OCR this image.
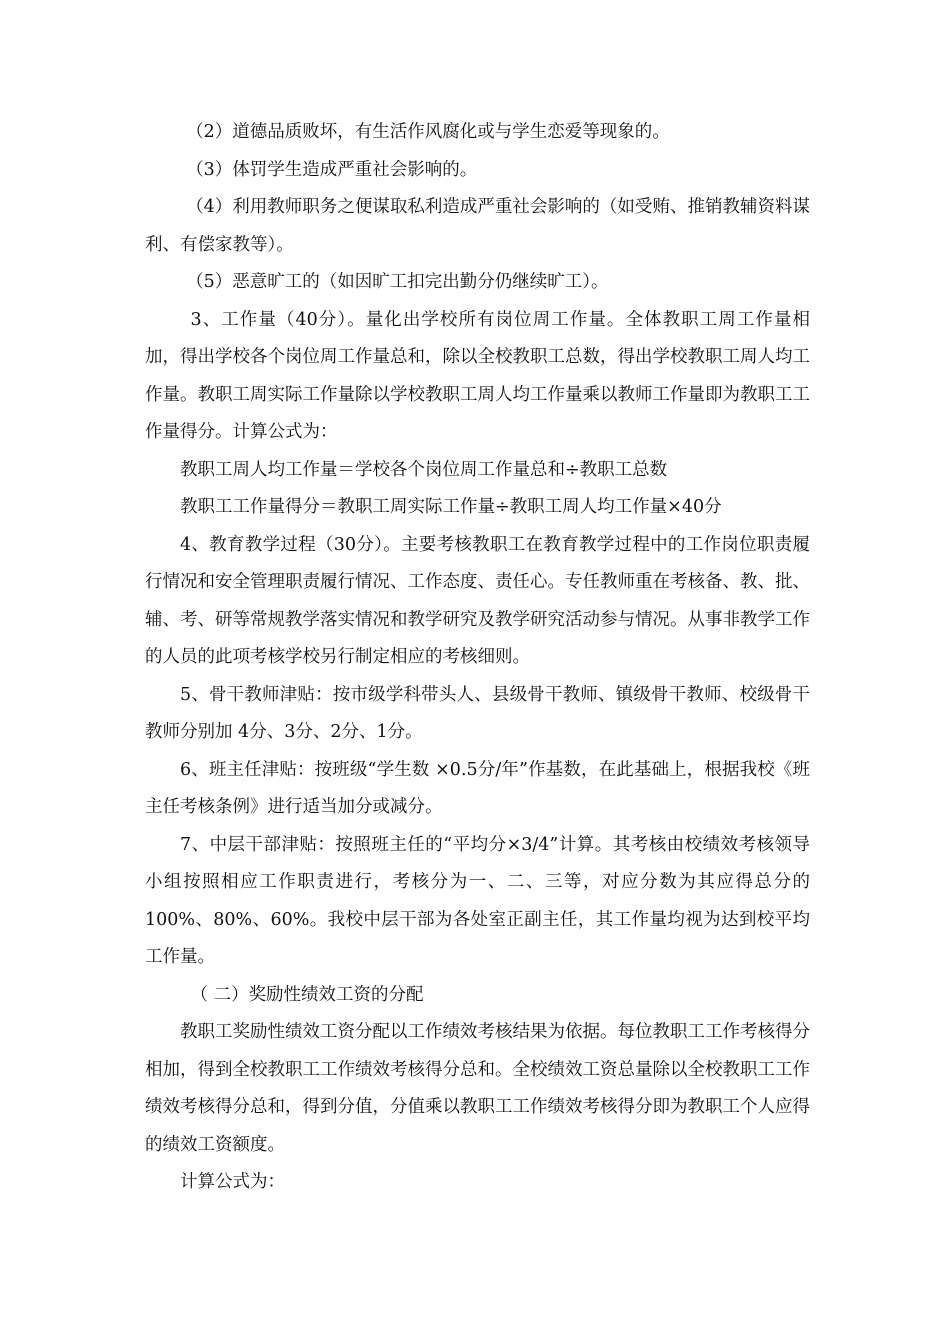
（2）道德品质败坏，有生活作风腐化或与学生恋爱等现象的。

（3）体罚学生造成严重社会影响的。

（4）利用教师职务之便谋取私利造成严重社会影响的（如受贿、推销教辅资料谋利、有偿家教等）。

（5）恶意旷工的（如因旷工扣完出勤分仍继续旷工）。

3、工作量（40分）。量化出学校所有岗位周工作量。全体教职工周工作量相加，得出学校各个岗位周工作量总和，除以全校教职工总数，得出学校教职工周人均工作量。教职工周实际工作量除以学校教职工周人均工作量乘以教师工作量即为教职工工作量得分。计算公式为：

教职工周人均工作量＝学校各个岗位周工作量总和÷教职工总数

教职工工作量得分＝教职工周实际工作量÷教职工周人均工作量×40分

4、教育教学过程（30分）。主要考核教职工在教育教学过程中的工作岗位职责履行情况和安全管理职责履行情况、工作态度、责任心。专任教师重在考核备、教、批、辅、考、研等常规教学落实情况和教学研究及教学研究活动参与情况。从事非教学工作的人员的此项考核学校另行制定相应的考核细则。

5、骨干教师津贴：按市级学科带头人、县级骨干教师、镇级骨干教师、校级骨干教师分别加 4分、3分、2分、1分。

6、班主任津贴：按班级“学生数 ×0.5分/年”作基数，在此基础上，根据我校《班主任考核条例》进行适当加分或减分。

7、中层干部津贴：按照班主任的“平均分×3/4”计算。其考核由校绩效考核领导小组按照相应工作职责进行，考核分为一、二、三等，对应分数为其应得总分的 100%、80%、60%。我校中层干部为各处室正副主任，其工作量均视为达到校平均工作量。

（ 二）奖励性绩效工资的分配

教职工奖励性绩效工资分配以工作绩效考核结果为依据。每位教职工工作考核得分相加，得到全校教职工工作绩效考核得分总和。全校绩效工资总量除以全校教职工工作绩效考核得分总和，得到分值，分值乘以教职工工作绩效考核得分即为教职工个人应得的绩效工资额度。

计算公式为：
